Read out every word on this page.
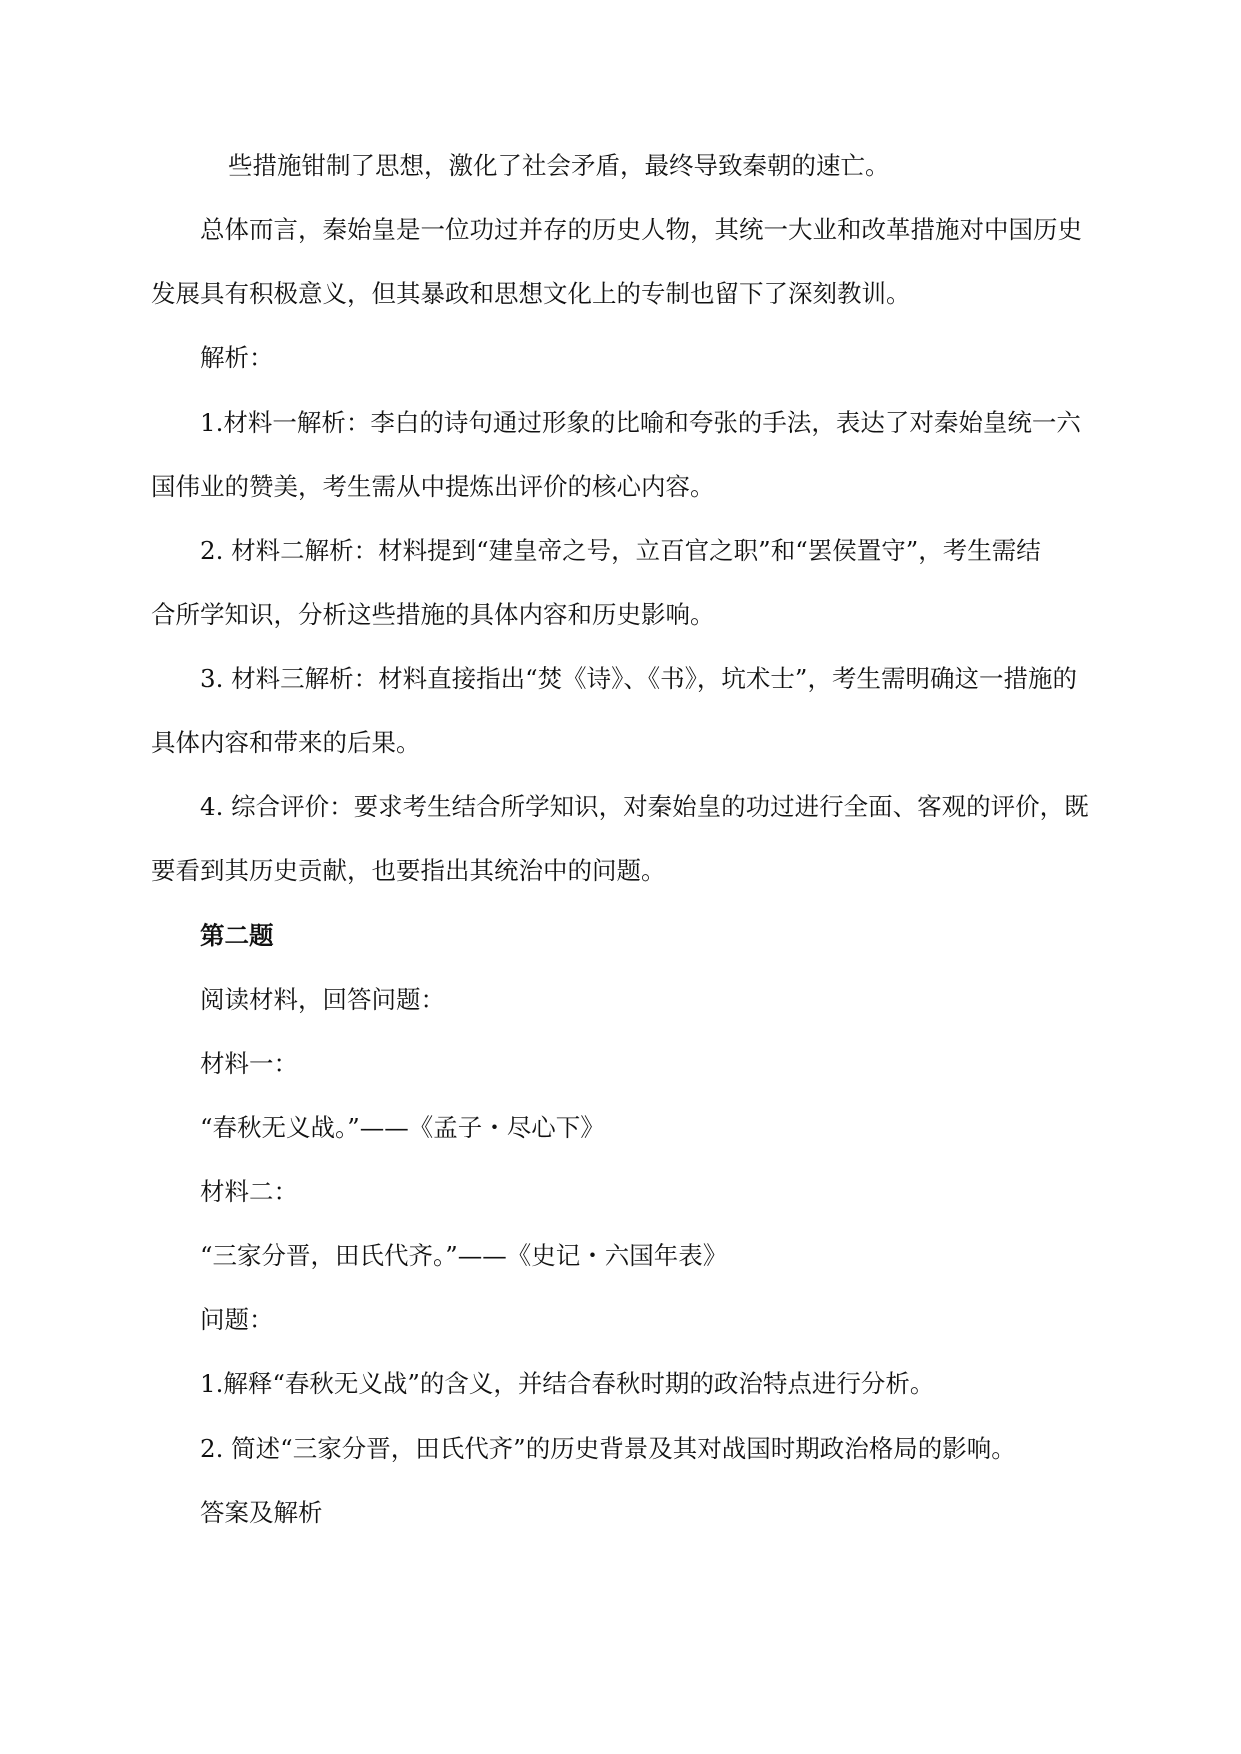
些措施钳制了思想，激化了社会矛盾，最终导致秦朝的速亡。

总体而言，秦始皇是一位功过并存的历史人物，其统一大业和改革措施对中国历史

发展具有积极意义，但其暴政和思想文化上的专制也留下了深刻教训。

解析：

1.材料一解析：李白的诗句通过形象的比喻和夸张的手法，表达了对秦始皇统一六

国伟业的赞美，考生需从中提炼出评价的核心内容。

2. 材料二解析：材料提到“建皇帝之号，立百官之职”和“罢侯置守”，考生需结

合所学知识，分析这些措施的具体内容和历史影响。

3. 材料三解析：材料直接指出“焚《诗》、《书》，坑术士”，考生需明确这一措施的

具体内容和带来的后果。

4. 综合评价：要求考生结合所学知识，对秦始皇的功过进行全面、客观的评价，既

要看到其历史贡献，也要指出其统治中的问题。

第二题

阅读材料，回答问题：

材料一：

“春秋无义战。”——《孟子・尽心下》

材料二：

“三家分晋，田氏代齐。”——《史记・六国年表》

问题：

1.解释“春秋无义战”的含义，并结合春秋时期的政治特点进行分析。

2. 简述“三家分晋，田氏代齐”的历史背景及其对战国时期政治格局的影响。

答案及解析
